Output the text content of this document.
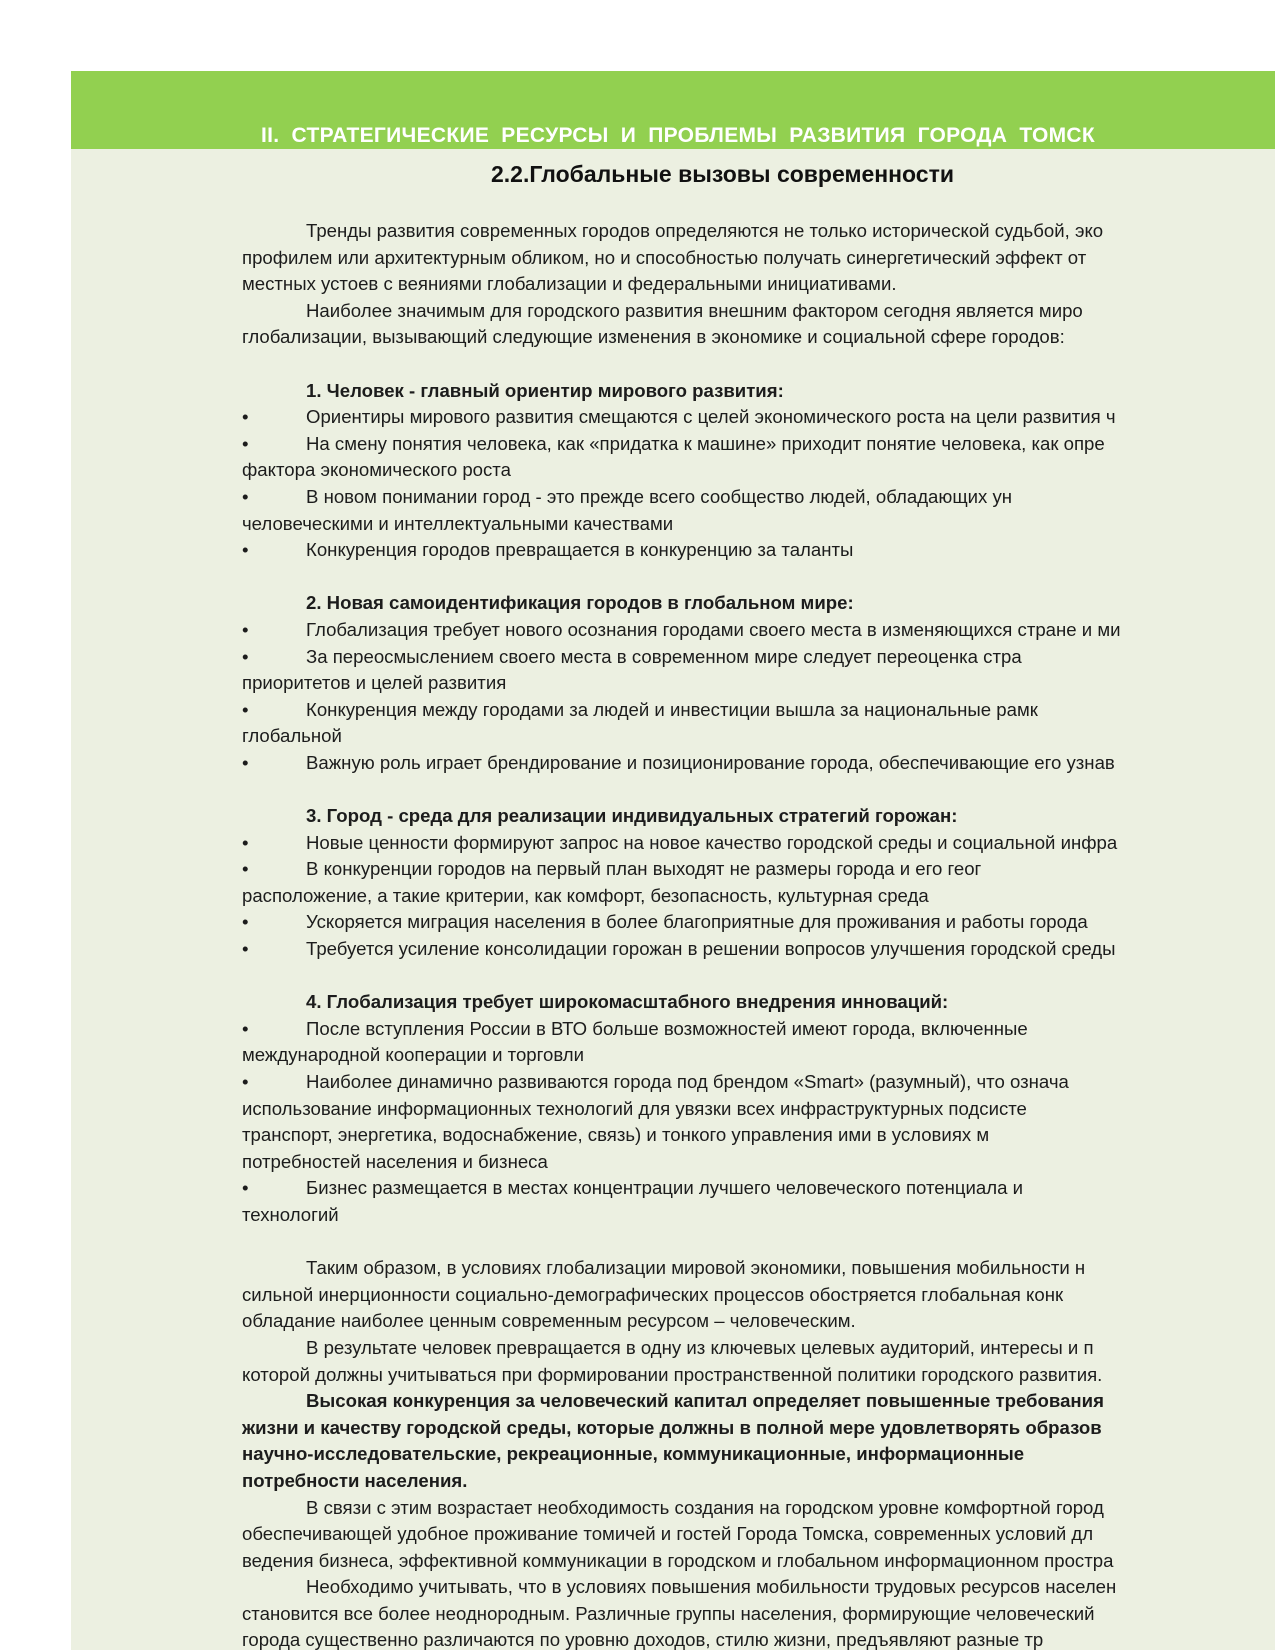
II. СТРАТЕГИЧЕСКИЕ РЕСУРСЫ И ПРОБЛЕМЫ РАЗВИТИЯ ГОРОДА ТОМСК
2.2.Глобальные вызовы современности

Тренды развития современных городов определяются не только исторической судьбой, эко

профилем или архитектурным обликом, но и способностью получать синергетический эффект от

местных устоев с веяниями глобализации и федеральными инициативами.

Наиболее значимым для городского развития внешним фактором сегодня является миро

глобализации, вызывающий следующие изменения в экономике и социальной сфере городов:

1. Человек - главный ориентир мирового развития:

•	Ориентиры мирового развития смещаются с целей экономического роста на цели развития ч

•	На смену понятия человека, как «придатка к машине» приходит понятие человека, как опре

фактора экономического роста

•	В новом понимании город - это прежде всего сообщество людей, обладающих ун

человеческими и интеллектуальными качествами

•	Конкуренция городов превращается в конкуренцию за таланты

2. Новая самоидентификация городов в глобальном мире:

•	Глобализация требует нового осознания городами своего места в изменяющихся стране и ми

•	За переосмыслением своего места в современном мире следует переоценка стра

приоритетов и целей развития

•	Конкуренция между городами за людей и инвестиции вышла за национальные рамк

глобальной

•	Важную роль играет брендирование и позиционирование города, обеспечивающие его узнав

3. Город - среда для реализации индивидуальных стратегий горожан:

•	Новые ценности формируют запрос на новое качество городской среды и социальной инфра

•	В конкуренции городов на первый план выходят не размеры города и его геог

расположение, а такие критерии, как комфорт, безопасность, культурная среда

•	Ускоряется миграция населения в более благоприятные для проживания и работы города

•	Требуется усиление консолидации горожан в решении вопросов улучшения городской среды

4. Глобализация требует широкомасштабного внедрения инноваций:

•	После вступления России в ВТО больше возможностей имеют города, включенные

международной кооперации и торговли

•	Наиболее динамично развиваются города под брендом «Smart» (разумный), что означа

использование информационных технологий для увязки всех инфраструктурных подсисте

транспорт, энергетика, водоснабжение, связь) и тонкого управления ими в условиях м

потребностей населения и бизнеса

•	Бизнес размещается в местах концентрации лучшего человеческого потенциала и

технологий

Таким образом, в условиях глобализации мировой экономики, повышения мобильности н

сильной инерционности социально-демографических процессов обостряется глобальная конк

обладание наиболее ценным современным ресурсом – человеческим.

В результате человек превращается в одну из ключевых целевых аудиторий, интересы и п

которой должны учитываться при формировании пространственной политики городского развития.

Высокая конкуренция за человеческий капитал определяет повышенные требования

жизни и качеству городской среды, которые должны в полной мере удовлетворять образов

научно-исследовательские, рекреационные, коммуникационные, информационные

потребности населения.

В связи с этим возрастает необходимость создания на городском уровне комфортной город

обеспечивающей удобное проживание томичей и гостей Города Томска, современных условий дл

ведения бизнеса, эффективной коммуникации в городском и глобальном информационном простра

Необходимо учитывать, что в условиях повышения мобильности трудовых ресурсов населен

становится все более неоднородным. Различные группы населения, формирующие человеческий

города существенно различаются по уровню доходов, стилю жизни, предъявляют разные тр
